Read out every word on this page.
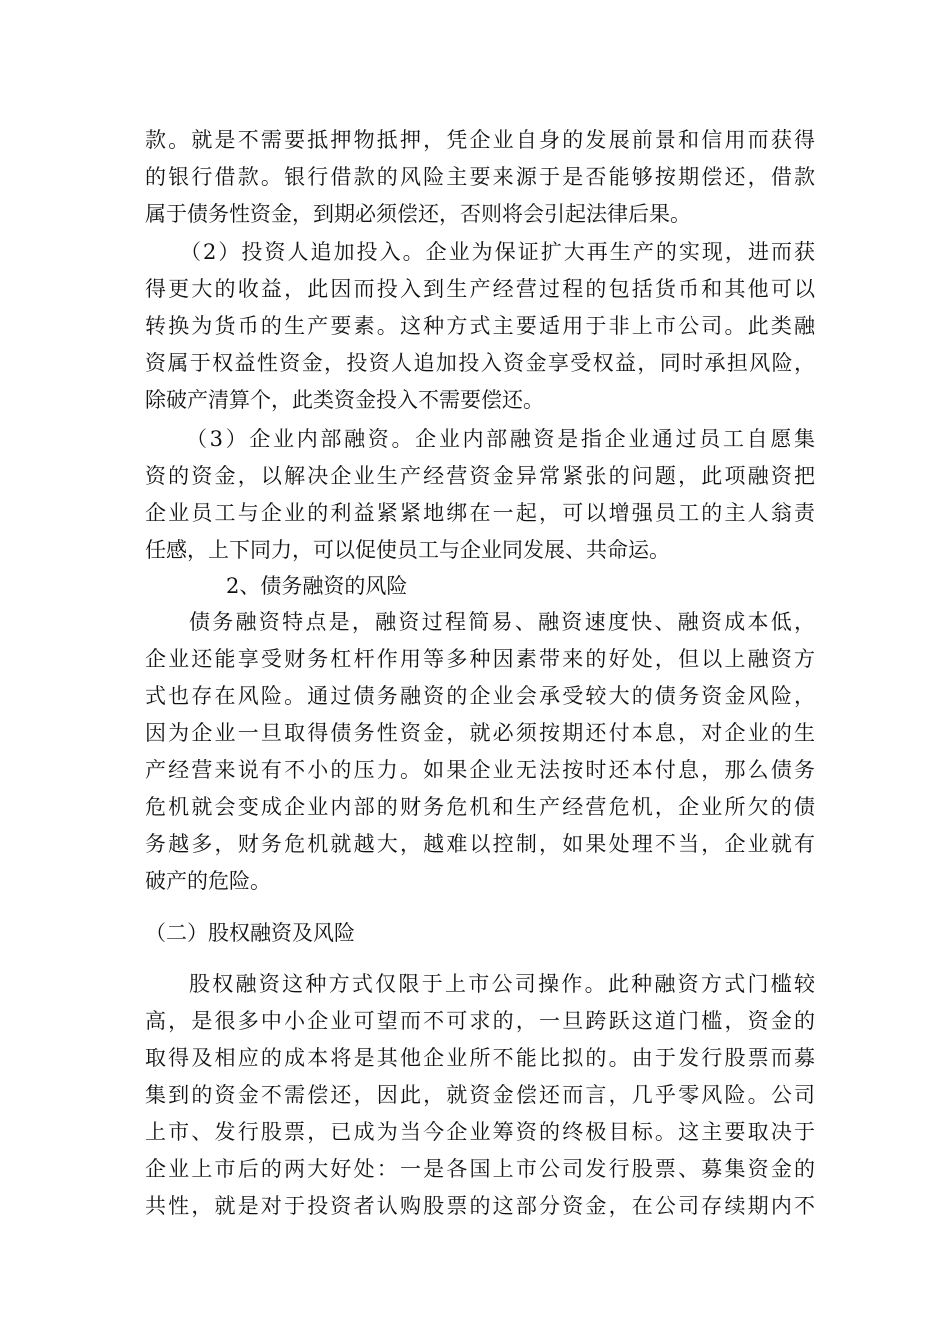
款。就是不需要抵押物抵押，凭企业自身的发展前景和信用而获得
的银行借款。银行借款的风险主要来源于是否能够按期偿还，借款
属于债务性资金，到期必须偿还，否则将会引起法律后果。
（2）投资人追加投入。企业为保证扩大再生产的实现，进而获
得更大的收益，此因而投入到生产经营过程的包括货币和其他可以
转换为货币的生产要素。这种方式主要适用于非上市公司。此类融
资属于权益性资金，投资人追加投入资金享受权益，同时承担风险，
除破产清算个，此类资金投入不需要偿还。
（3）企业内部融资。企业内部融资是指企业通过员工自愿集
资的资金，以解决企业生产经营资金异常紧张的问题，此项融资把
企业员工与企业的利益紧紧地绑在一起，可以增强员工的主人翁责
任感，上下同力，可以促使员工与企业同发展、共命运。
2、债务融资的风险
债务融资特点是，融资过程简易、融资速度快、融资成本低，
企业还能享受财务杠杆作用等多种因素带来的好处，但以上融资方
式也存在风险。通过债务融资的企业会承受较大的债务资金风险，
因为企业一旦取得债务性资金，就必须按期还付本息，对企业的生
产经营来说有不小的压力。如果企业无法按时还本付息，那么债务
危机就会变成企业内部的财务危机和生产经营危机，企业所欠的债
务越多，财务危机就越大，越难以控制，如果处理不当，企业就有
破产的危险。
（二）股权融资及风险
股权融资这种方式仅限于上市公司操作。此种融资方式门槛较
高，是很多中小企业可望而不可求的，一旦跨跃这道门槛，资金的
取得及相应的成本将是其他企业所不能比拟的。由于发行股票而募
集到的资金不需偿还，因此，就资金偿还而言，几乎零风险。公司
上市、发行股票，已成为当今企业筹资的终极目标。这主要取决于
企业上市后的两大好处：一是各国上市公司发行股票、募集资金的
共性，就是对于投资者认购股票的这部分资金，在公司存续期内不
